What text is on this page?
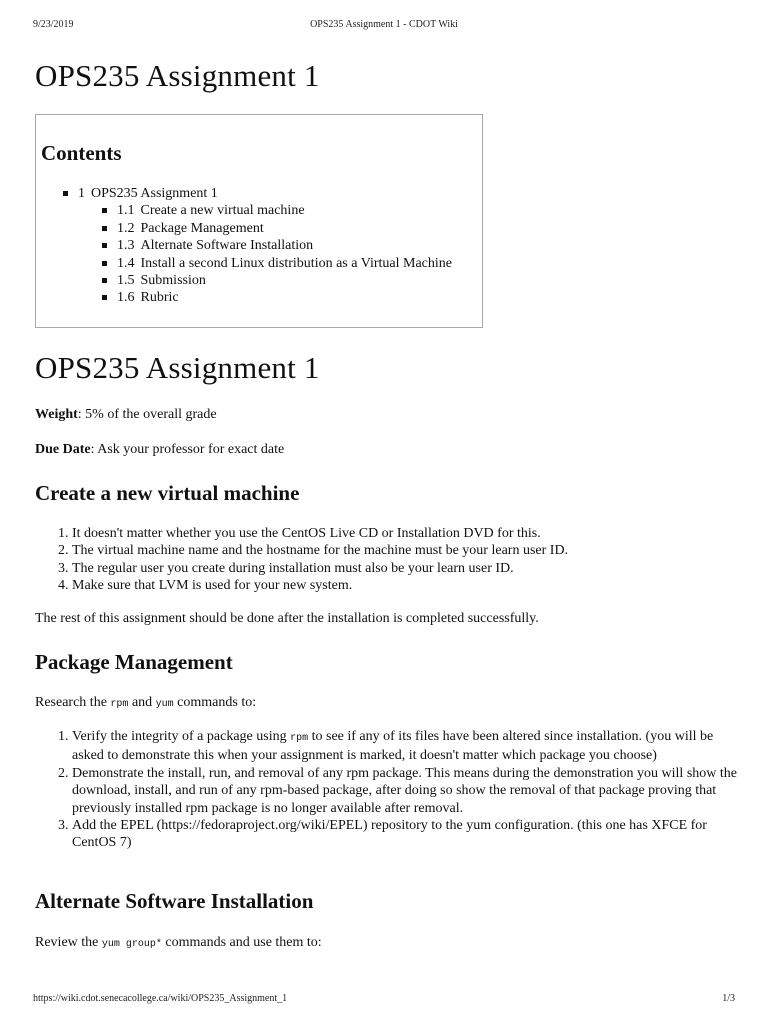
9/23/2019	OPS235 Assignment 1 - CDOT Wiki
OPS235 Assignment 1
Contents
1 OPS235 Assignment 1
1.1 Create a new virtual machine
1.2 Package Management
1.3 Alternate Software Installation
1.4 Install a second Linux distribution as a Virtual Machine
1.5 Submission
1.6 Rubric
OPS235 Assignment 1

Weight: 5% of the overall grade

Due Date: Ask your professor for exact date

Create a new virtual machine
1. It doesn't matter whether you use the CentOS Live CD or Installation DVD for this.
2. The virtual machine name and the hostname for the machine must be your learn user ID.
3. The regular user you create during installation must also be your learn user ID.
4. Make sure that LVM is used for your new system.

The rest of this assignment should be done after the installation is completed successfully.

Package Management

Research the rpm and yum commands to:

1. Verify the integrity of a package using rpm to see if any of its files have been altered since installation. (you will be asked to demonstrate this when your assignment is marked, it doesn't matter which package you choose)
2. Demonstrate the install, run, and removal of any rpm package. This means during the demonstration you will show the download, install, and run of any rpm-based package, after doing so show the removal of that package proving that previously installed rpm package is no longer available after removal.
3. Add the EPEL (https://fedoraproject.org/wiki/EPEL) repository to the yum configuration. (this one has XFCE for CentOS 7)
Alternate Software Installation

Review the yum group* commands and use them to:

https://wiki.cdot.senecacollege.ca/wiki/OPS235_Assignment_1	1/3
